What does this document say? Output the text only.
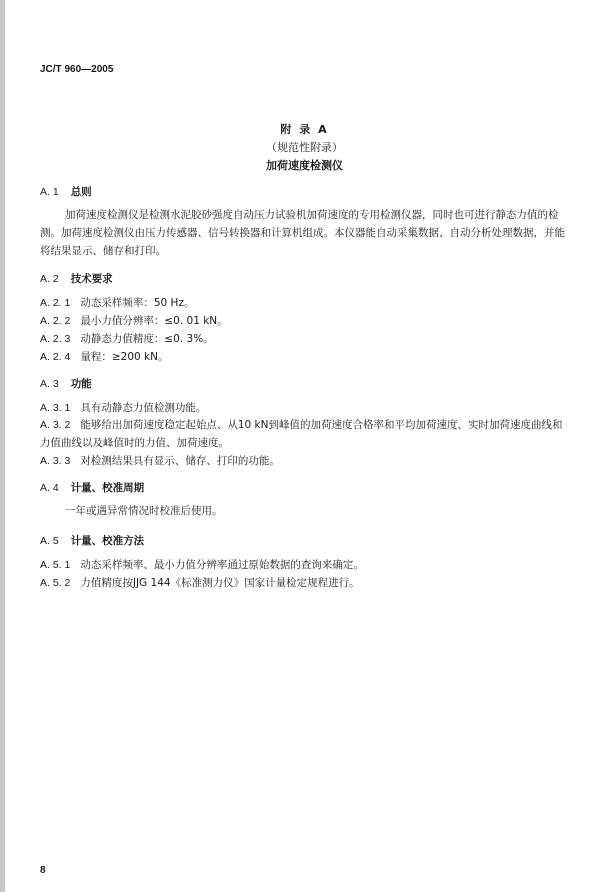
JC/T 960—2005
附 录 A
（规范性附录）
加荷速度检测仪
A. 1 总则
加荷速度检测仪是检测水泥胶砂强度自动压力试验机加荷速度的专用检测仪器，同时也可进行静态力值的检测。加荷速度检测仪由压力传感器、信号转换器和计算机组成。本仪器能自动采集数据、自动分析处理数据，并能将结果显示、储存和打印。
A. 2 技术要求
A. 2. 1 动态采样频率：50 Hz。
A. 2. 2 最小力值分辨率：≤0. 01 kN。
A. 2. 3 动静态力值精度：≤0. 3%。
A. 2. 4 量程：≥200 kN。
A. 3 功能
A. 3. 1 具有动静态力值检测功能。
A. 3. 2 能够给出加荷速度稳定起始点、从10 kN到峰值的加荷速度合格率和平均加荷速度、实时加荷速度曲线和力值曲线以及峰值时的力值、加荷速度。
A. 3. 3 对检测结果具有显示、储存、打印的功能。
A. 4 计量、校准周期
一年或遇异常情况时校准后使用。
A. 5 计量、校准方法
A. 5. 1 动态采样频率、最小力值分辨率通过原始数据的查询来确定。
A. 5. 2 力值精度按JJG 144《标准测力仪》国家计量检定规程进行。
8
